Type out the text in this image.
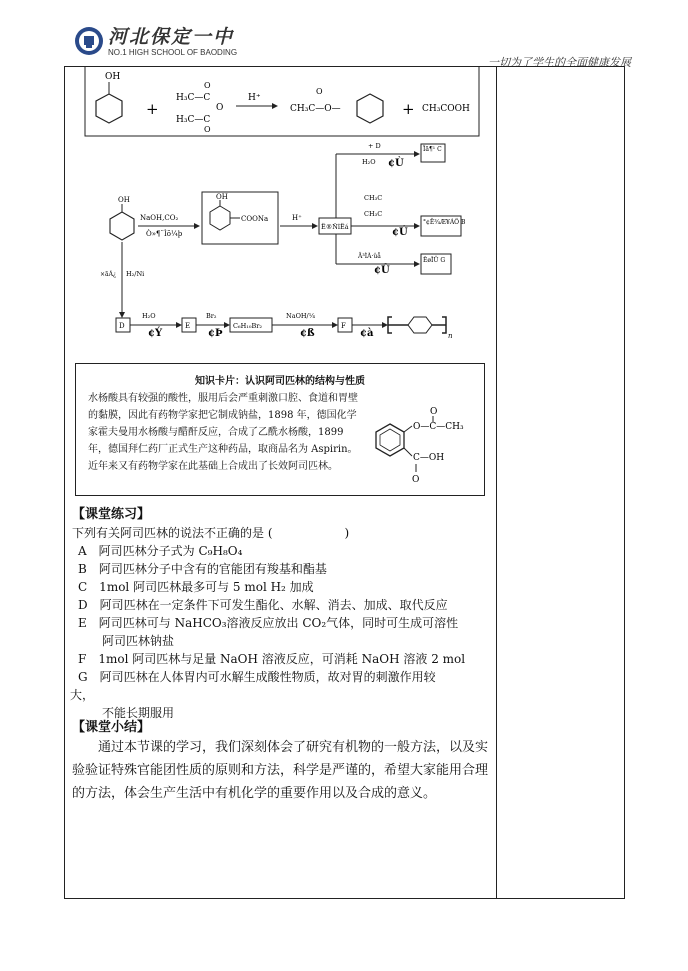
河北保定一中
NO.1 HIGH SCHOOL OF BAODING
一切为了学生的全面健康发展
OH
+
H₃C—C
O
H₃C—C
O
O
H⁺
CH₃C—O—
O
+ CH₃COOH
OH
NaOH,CO₂
Ò»¶¨Ìõ¼þ
OH
COONa	H⁺
Ë®ÑîËá
+ D
H₂O ¢Ù
Ïã¶¹ C
CH₃C
CH₃C
¢Ú
°¢Ë¾Æ¥ÁÖ B
Ä³ÌÀ·ûå
¢Û
ÊøÎÛ G
×ãÁ¿ H₂/Ni
D
H₂O
¢Ý
E
Br₂
¢Þ
C₆H₁₀Br₂
NaOH/¼
¢ß
F
¢à	n
知识卡片：认识阿司匹林的结构与性质
水杨酸具有较强的酸性，服用后会严重刺激口腔、食道和胃壁的黏膜，因此有药物学家把它制成钠盐，1898 年，德国化学家霍夫曼用水杨酸与醋酐反应，合成了乙酰水杨酸，1899 年，德国拜仁药厂正式生产这种药品，取商品名为 Aspirin。近年来又有药物学家在此基础上合成出了长效阿司匹林。
O—C—CH₃
O
C—OH
O
【课堂练习】
下列有关阿司匹林的说法不正确的是 (　　　　　　)
A　阿司匹林分子式为 C₉H₈O₄
B　阿司匹林分子中含有的官能团有羧基和酯基
C　1mol 阿司匹林最多可与 5 mol H₂ 加成
D　阿司匹林在一定条件下可发生酯化、水解、消去、加成、取代反应
E　阿司匹林可与 NaHCO₃溶液反应放出 CO₂气体，同时可生成可溶性
　　阿司匹林钠盐
F　1mol 阿司匹林与足量 NaOH 溶液反应，可消耗 NaOH 溶液 2 mol
G　阿司匹林在人体胃内可水解生成酸性物质，故对胃的刺激作用较
大，
　　不能长期服用
【课堂小结】
通过本节课的学习，我们深刻体会了研究有机物的一般方法，以及实验验证特殊官能团性质的原则和方法，科学是严谨的，希望大家能用合理的方法，体会生产生活中有机化学的重要作用以及合成的意义。
